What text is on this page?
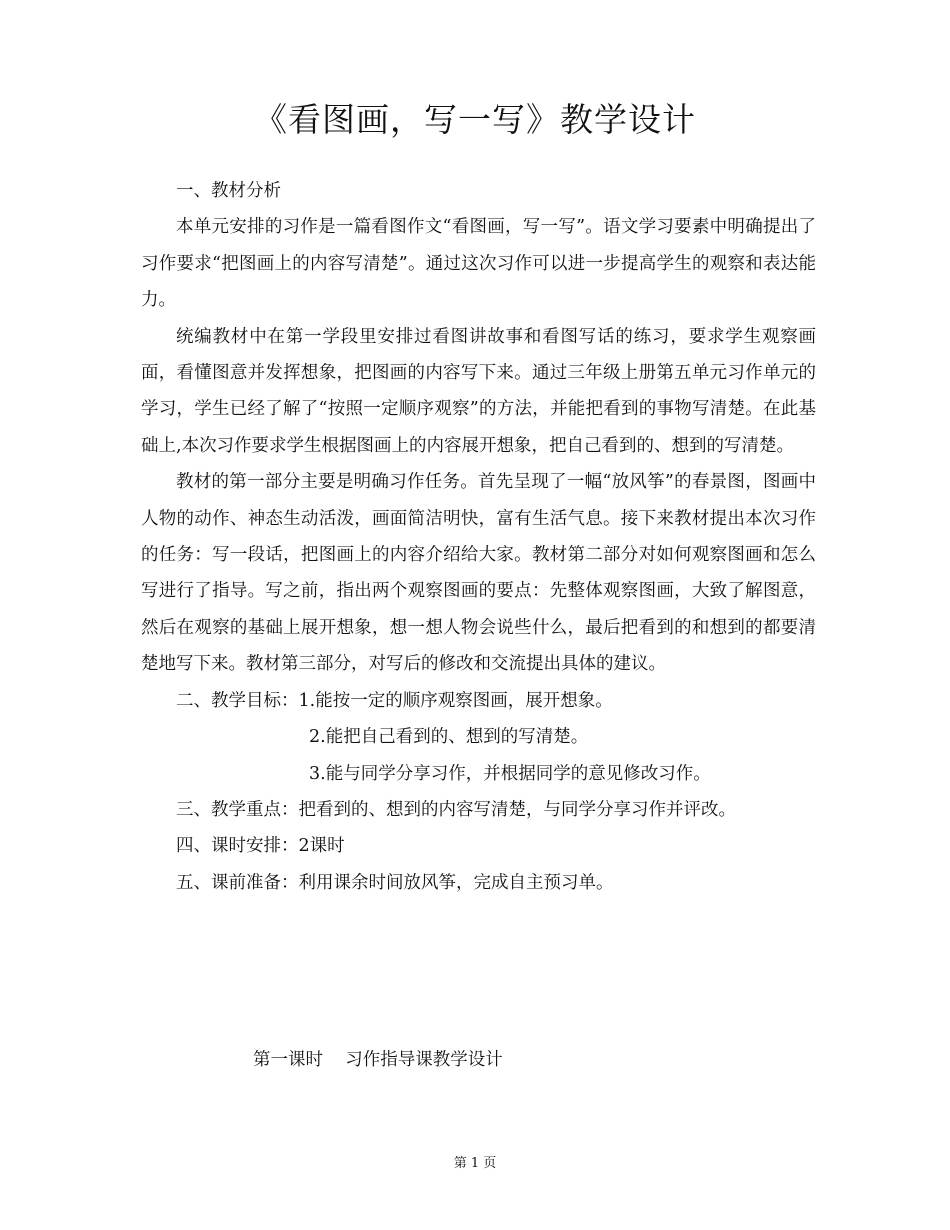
《看图画，写一写》教学设计

一、教材分析

本单元安排的习作是一篇看图作文“看图画，写一写”。语文学习要素中明确提出了习作要求“把图画上的内容写清楚”。通过这次习作可以进一步提高学生的观察和表达能力。

统编教材中在第一学段里安排过看图讲故事和看图写话的练习，要求学生观察画面，看懂图意并发挥想象，把图画的内容写下来。通过三年级上册第五单元习作单元的学习，学生已经了解了“按照一定顺序观察”的方法，并能把看到的事物写清楚。在此基础上,本次习作要求学生根据图画上的内容展开想象，把自己看到的、想到的写清楚。

教材的第一部分主要是明确习作任务。首先呈现了一幅“放风筝”的春景图，图画中人物的动作、神态生动活泼，画面简洁明快，富有生活气息。接下来教材提出本次习作的任务：写一段话，把图画上的内容介绍给大家。教材第二部分对如何观察图画和怎么写进行了指导。写之前，指出两个观察图画的要点：先整体观察图画，大致了解图意，然后在观察的基础上展开想象，想一想人物会说些什么，最后把看到的和想到的都要清楚地写下来。教材第三部分，对写后的修改和交流提出具体的建议。

二、教学目标：1.能按一定的顺序观察图画，展开想象。

2.能把自己看到的、想到的写清楚。

3.能与同学分享习作，并根据同学的意见修改习作。

三、教学重点：把看到的、想到的内容写清楚，与同学分享习作并评改。

四、课时安排：2课时

五、课前准备：利用课余时间放风筝，完成自主预习单。

第一课时    习作指导课教学设计
第 1 页
